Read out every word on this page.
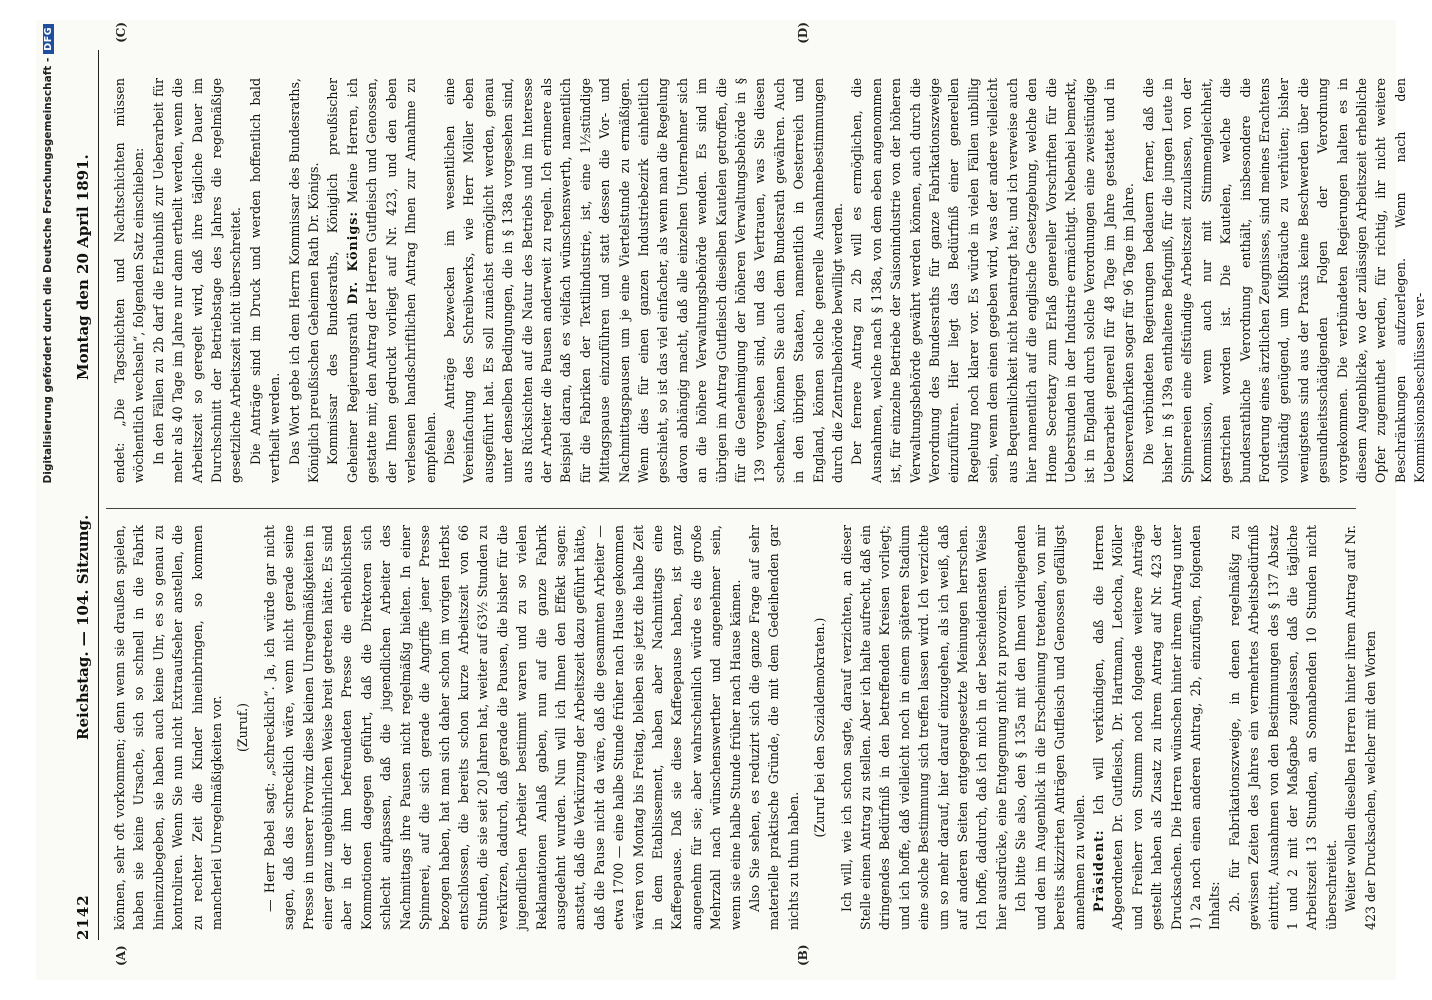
Digitalisierung gefördert durch die Deutsche Forschungsgemeinschaft -DFG
2142
Reichstag. — 104. Sitzung.
Montag den 20 April 1891.
(A)	(B)
(C)	(D)

können, sehr oft vorkommen; denn wenn sie draußen spielen, haben sie keine Ursache, sich so schnell in die Fabrik hineinzubegeben, sie haben auch keine Uhr, es so genau zu kontroliren. Wenn Sie nun nicht Extraaufseher anstellen, die zu rechter Zeit die Kinder hineinbringen, so kommen mancherlei Unregelmäßigkeiten vor. (Zuruf.) — Herr Bebel sagt: „schrecklich“. Ja, ich würde gar nicht sagen, daß das schrecklich wäre, wenn nicht gerade seine Presse in unserer Provinz diese kleinen Unregelmäßigkeiten in einer ganz ungebührlichen Weise breit getreten hätte. Es sind aber in der ihm befreundeten Presse die erheblichsten Kommotionen dagegen geführt, daß die Direktoren sich schlecht aufpassen, daß die jugendlichen Arbeiter des Nachmittags ihre Pausen nicht regelmäßig hielten. In einer Spinnerei, auf die sich gerade die Angriffe jener Presse bezogen haben, hat man sich daher schon im vorigen Herbst entschlossen, die bereits schon kurze Arbeitszeit von 66 Stunden, die sie seit 20 Jahren hat, weiter auf 63½ Stunden zu verkürzen, dadurch, daß gerade die Pausen, die bisher für die jugendlichen Arbeiter bestimmt waren und zu so vielen Reklamationen Anlaß gaben, nun auf die ganze Fabrik ausgedehnt wurden. Nun will ich Ihnen den Effekt sagen: anstatt, daß die Verkürzung der Arbeitszeit dazu geführt hätte, daß die Pause nicht da wäre, daß die gesammten Arbeiter — etwa 1700 — eine halbe Stunde früher nach Hause gekommen wären von Montag bis Freitag, bleiben sie jetzt die halbe Zeit in dem Etablissement, haben aber Nachmittags eine Kaffeepause. Daß sie diese Kaffeepause haben, ist ganz angenehm für sie; aber wahrscheinlich würde es die große Mehrzahl nach wünschenswerther und angenehmer sein, wenn sie eine halbe Stunde früher nach Hause kämen. Also Sie sehen, es reduzirt sich die ganze Frage auf sehr materielle praktische Gründe, die mit dem Gedeihenden gar nichts zu thun haben.

(Zuruf bei den Sozialdemokraten.) Ich will, wie ich schon sagte, darauf verzichten, an dieser Stelle einen Antrag zu stellen. Aber ich halte aufrecht, daß ein dringendes Bedürfniß in den betreffenden Kreisen vorliegt; und ich hoffe, daß vielleicht noch in einem späteren Stadium eine solche Bestimmung sich treffen lassen wird. Ich verzichte um so mehr darauf, hier darauf einzugehen, als ich weiß, daß auf anderen Seiten entgegengesetzte Meinungen herrschen. Ich hoffe, dadurch, daß ich mich in der bescheidensten Weise hier ausdrücke, eine Entgegnung nicht zu provoziren. Ich bitte Sie also, den § 135a mit den Ihnen vorliegenden und den im Augenblick in die Erscheinung tretenden, von mir bereits skizzirten Anträgen Gutfleisch und Genossen gefälligst annehmen zu wollen. Präsident: Ich will verkündigen, daß die Herren Abgeordneten Dr. Gutfleisch, Dr. Hartmann, Letocha, Möller und Freiherr von Stumm noch folgende weitere Anträge gestellt haben als Zusatz zu ihrem Antrag auf Nr. 423 der Drucksachen. Die Herren wünschen hinter ihrem Antrag unter 1) 2a noch einen anderen Antrag, 2b, einzufügen, folgenden Inhalts: 2b. für Fabrikationszweige, in denen regelmäßig zu gewissen Zeiten des Jahres ein vermehrtes Arbeitsbedürfniß eintritt, Ausnahmen von den Bestimmungen des § 137 Absatz 1 und 2 mit der Maßgabe zugelassen, daß die tägliche Arbeitszeit 13 Stunden, an Sonnabenden 10 Stunden nicht überschreitet. Weiter wollen dieselben Herren hinter ihrem Antrag auf Nr. 423 der Drucksachen, welcher mit den Worten

endet: „Die Tagschichten und Nachtschichten müssen wöchentlich wechseln“, folgenden Satz einschieben: In den Fällen zu 2b darf die Erlaubniß zur Ueberarbeit für mehr als 40 Tage im Jahre nur dann ertheilt werden, wenn die Arbeitszeit so geregelt wird, daß ihre tägliche Dauer im Durchschnitt der Betriebstage des Jahres die regelmäßige gesetzliche Arbeitszeit nicht überschreitet. Die Anträge sind im Druck und werden hoffentlich bald vertheilt werden. Das Wort gebe ich dem Herrn Kommissar des Bundesraths, Königlich preußischen Geheimen Rath Dr. Königs. Kommissar des Bundesraths, Königlich preußischer Geheimer Regierungsrath Dr. Königs: Meine Herren, ich gestatte mir, den Antrag der Herren Gutfleisch und Genossen, der Ihnen gedruckt vorliegt auf Nr. 423, und den eben verlesenen handschriftlichen Antrag Ihnen zur Annahme zu empfehlen. Diese Anträge bezwecken im wesentlichen eine Vereinfachung des Schreibwerks, wie Herr Möller eben ausgeführt hat. Es soll zunächst ermöglicht werden, genau unter denselben Bedingungen, die in § 138a vorgesehen sind, aus Rücksichten auf die Natur des Betriebs und im Interesse der Arbeiter die Pausen anderweit zu regeln. Ich erinnere als Beispiel daran, daß es vielfach wünschenswerth, namentlich für die Fabriken der Textilindustrie, ist, eine 1½stündige Mittagspause einzuführen und statt dessen die Vor- und Nachmittagspausen um je eine Viertelstunde zu ermäßigen. Wenn dies für einen ganzen Industriebezirk einheitlich geschieht, so ist das viel einfacher, als wenn man die Regelung davon abhängig macht, daß alle einzelnen Unternehmer sich an die höhere Verwaltungsbehörde wenden. Es sind im übrigen im Antrag Gutfleisch dieselben Kautelen getroffen, die für die Genehmigung der höheren Verwaltungsbehörde in § 139 vorgesehen sind, und das Vertrauen, was Sie diesen schenken, können Sie auch dem Bundesrath gewähren. Auch in den übrigen Staaten, namentlich in Oesterreich und England, können solche generelle Ausnahmebestimmungen durch die Zentralbehörde bewilligt werden. Der fernere Antrag zu 2b will es ermöglichen, die Ausnahmen, welche nach § 138a, von dem eben angenommen ist, für einzelne Betriebe der Saisonindustrie von der höheren Verwaltungsbehörde gewährt werden können, auch durch die Verordnung des Bundesraths für ganze Fabrikationszweige einzuführen. Hier liegt das Bedürfniß einer generellen Regelung noch klarer vor. Es würde in vielen Fällen unbillig sein, wenn dem einen gegeben wird, was der andere vielleicht aus Bequemlichkeit nicht beantragt hat; und ich verweise auch hier namentlich auf die englische Gesetzgebung, welche den Home Secretary zum Erlaß genereller Vorschriften für die Ueberstunden in der Industrie ermächtigt. Nebenbei bemerkt, ist in England durch solche Verordnungen eine zweistündige Ueberarbeit generell für 48 Tage im Jahre gestattet und in Konservenfabriken sogar für 96 Tage im Jahre. Die verbündeten Regierungen bedauern ferner, daß die bisher in § 139a enthaltene Befugniß, für die jungen Leute in Spinnereien eine elfstündige Arbeitszeit zuzulassen, von der Kommission, wenn auch nur mit Stimmengleichheit, gestrichen worden ist. Die Kautelen, welche die bundesrathliche Verordnung enthält, insbesondere die Forderung eines ärztlichen Zeugnisses, sind meines Erachtens vollständig genügend, um Mißbräuche zu verhüten; bisher wenigstens sind aus der Praxis keine Beschwerden über die gesundheitsschädigenden Folgen der Verordnung vorgekommen. Die verbündeten Regierungen halten es in diesem Augenblicke, wo der zulässigen Arbeitszeit erhebliche Opfer zugemuthet werden, für richtig, ihr nicht weitere Beschränkungen aufzuerlegen. Wenn nach den Kommissionsbeschlüssen ver-
